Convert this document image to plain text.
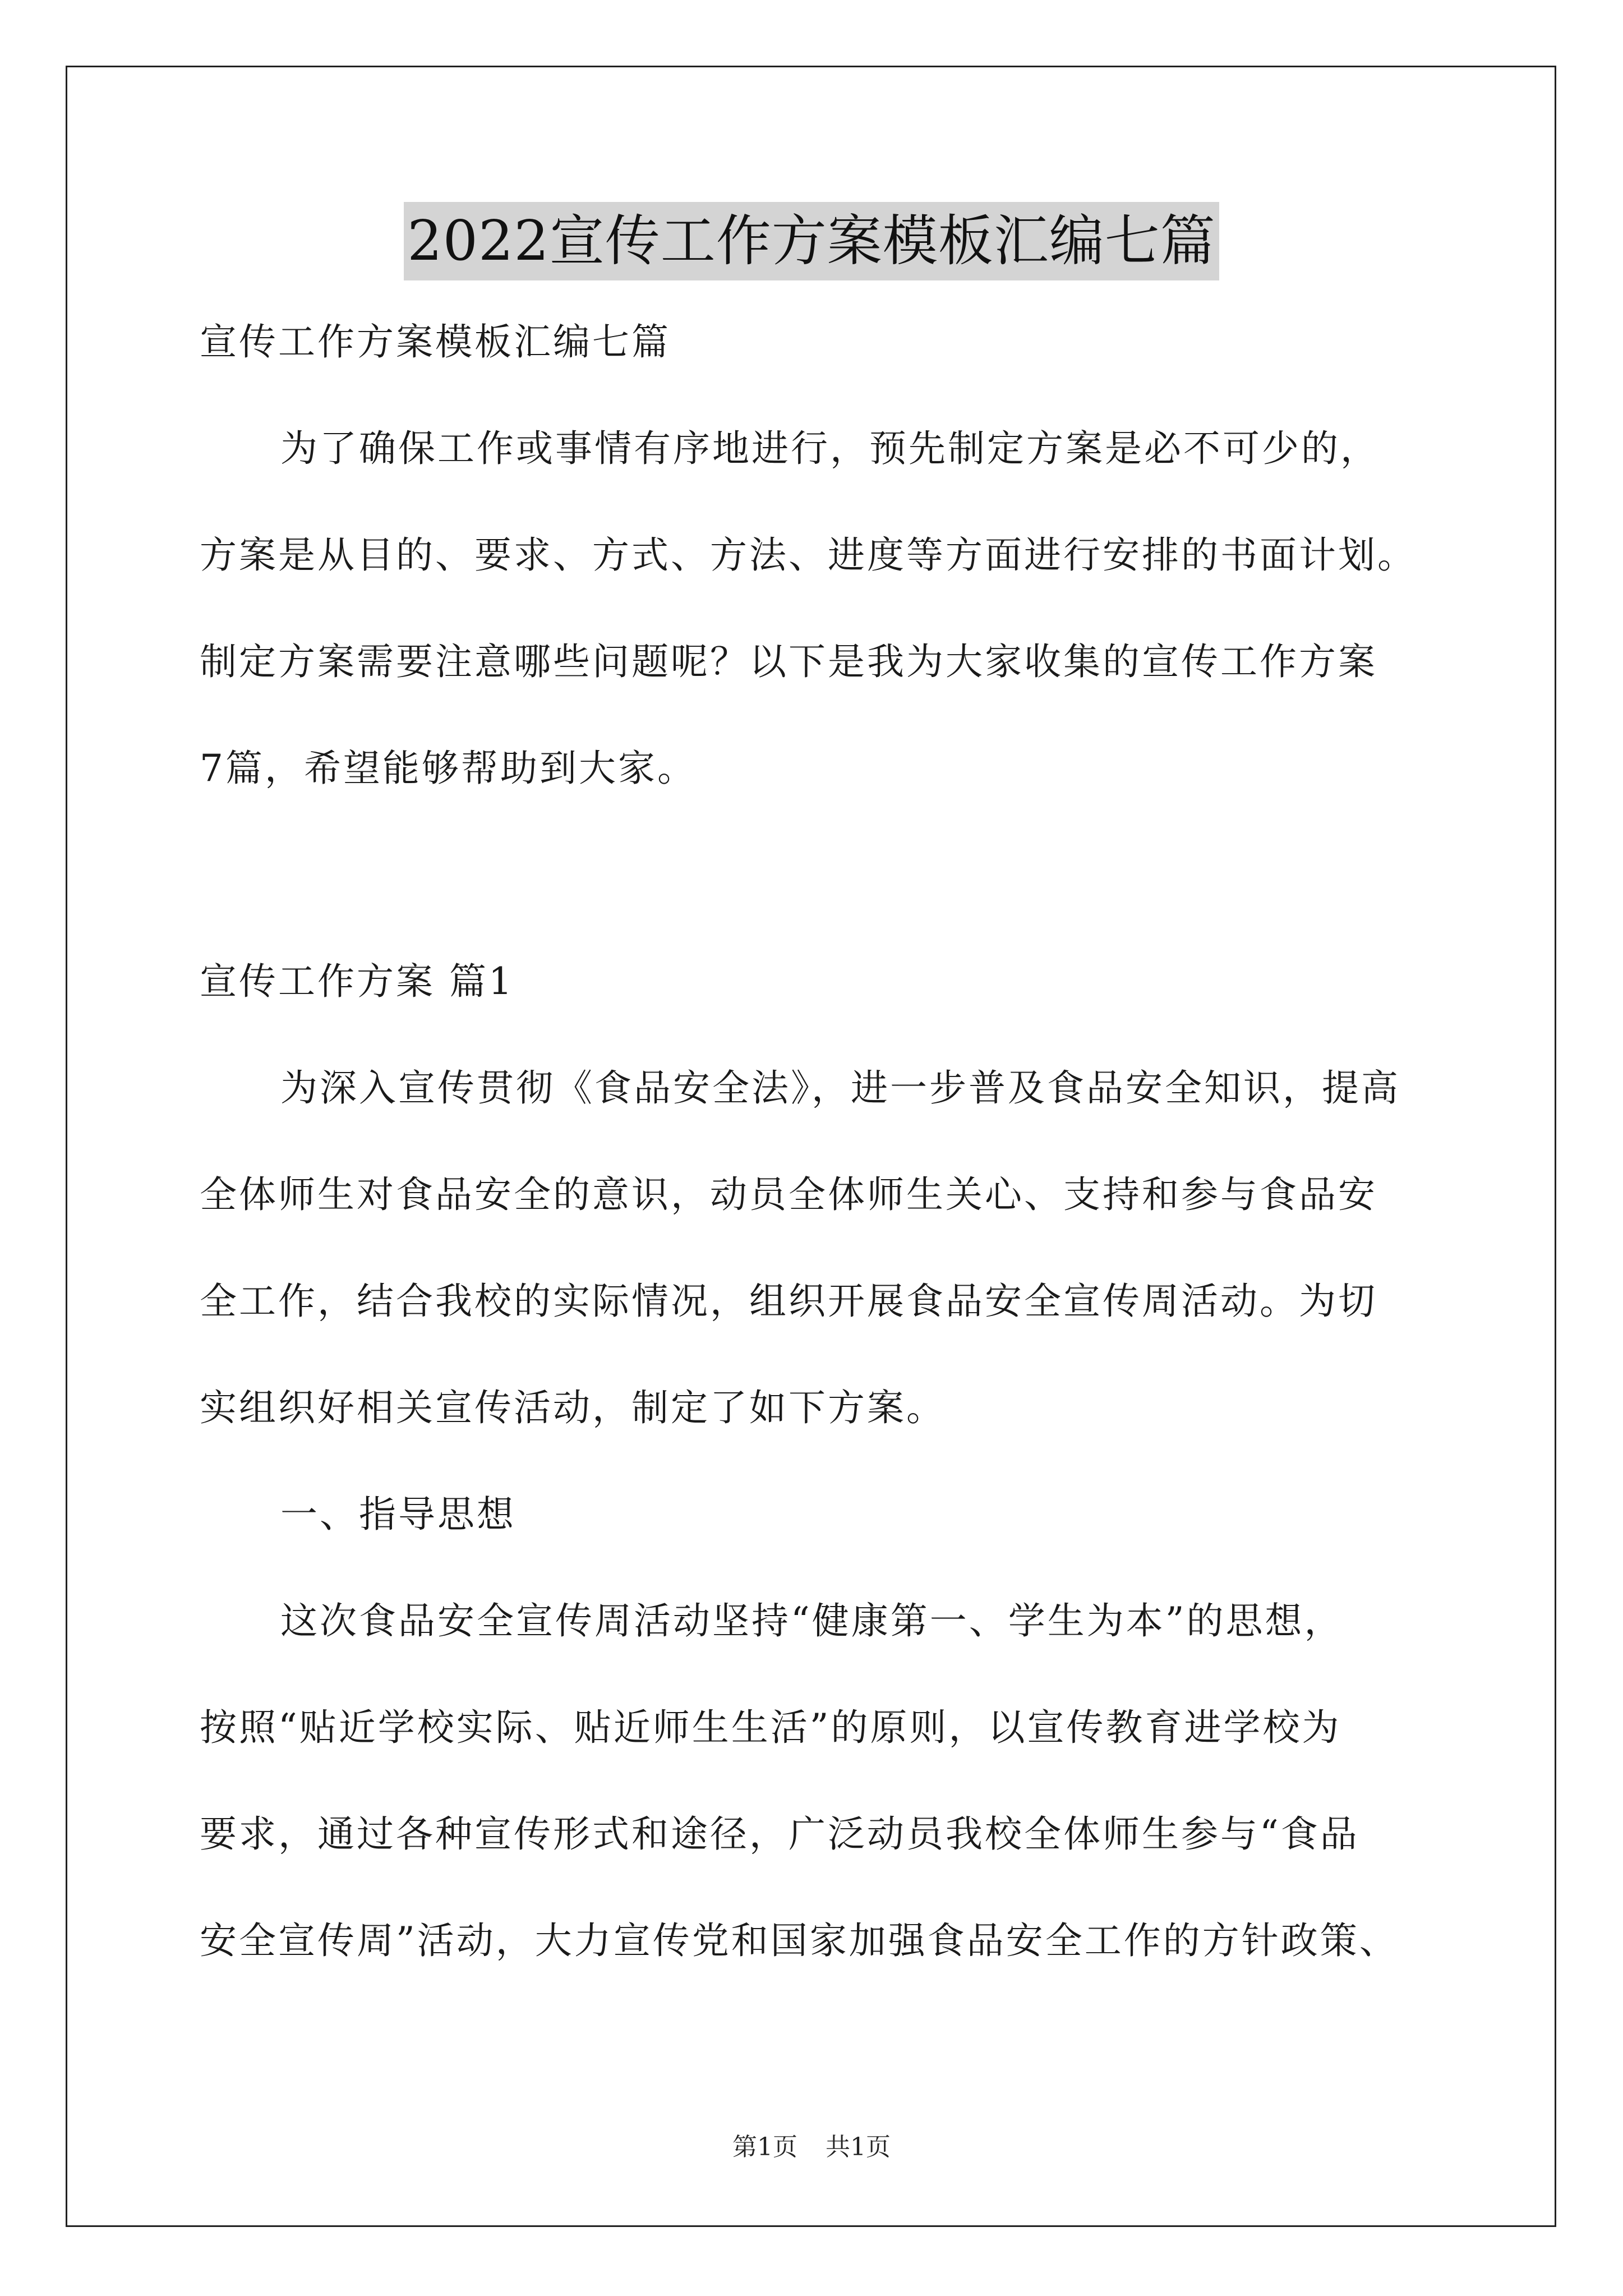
2022宣传工作方案模板汇编七篇
宣传工作方案模板汇编七篇
为了确保工作或事情有序地进行，预先制定方案是必不可少的，
方案是从目的、要求、方式、方法、进度等方面进行安排的书面计划。
制定方案需要注意哪些问题呢？以下是我为大家收集的宣传工作方案
7篇，希望能够帮助到大家。
宣传工作方案 篇1
为深入宣传贯彻《食品安全法》，进一步普及食品安全知识，提高
全体师生对食品安全的意识，动员全体师生关心、支持和参与食品安
全工作，结合我校的实际情况，组织开展食品安全宣传周活动。为切
实组织好相关宣传活动，制定了如下方案。
一、指导思想
这次食品安全宣传周活动坚持“健康第一、学生为本”的思想，
按照“贴近学校实际、贴近师生生活”的原则，以宣传教育进学校为
要求，通过各种宣传形式和途径，广泛动员我校全体师生参与“食品
安全宣传周”活动，大力宣传党和国家加强食品安全工作的方针政策、
第1页 共1页
